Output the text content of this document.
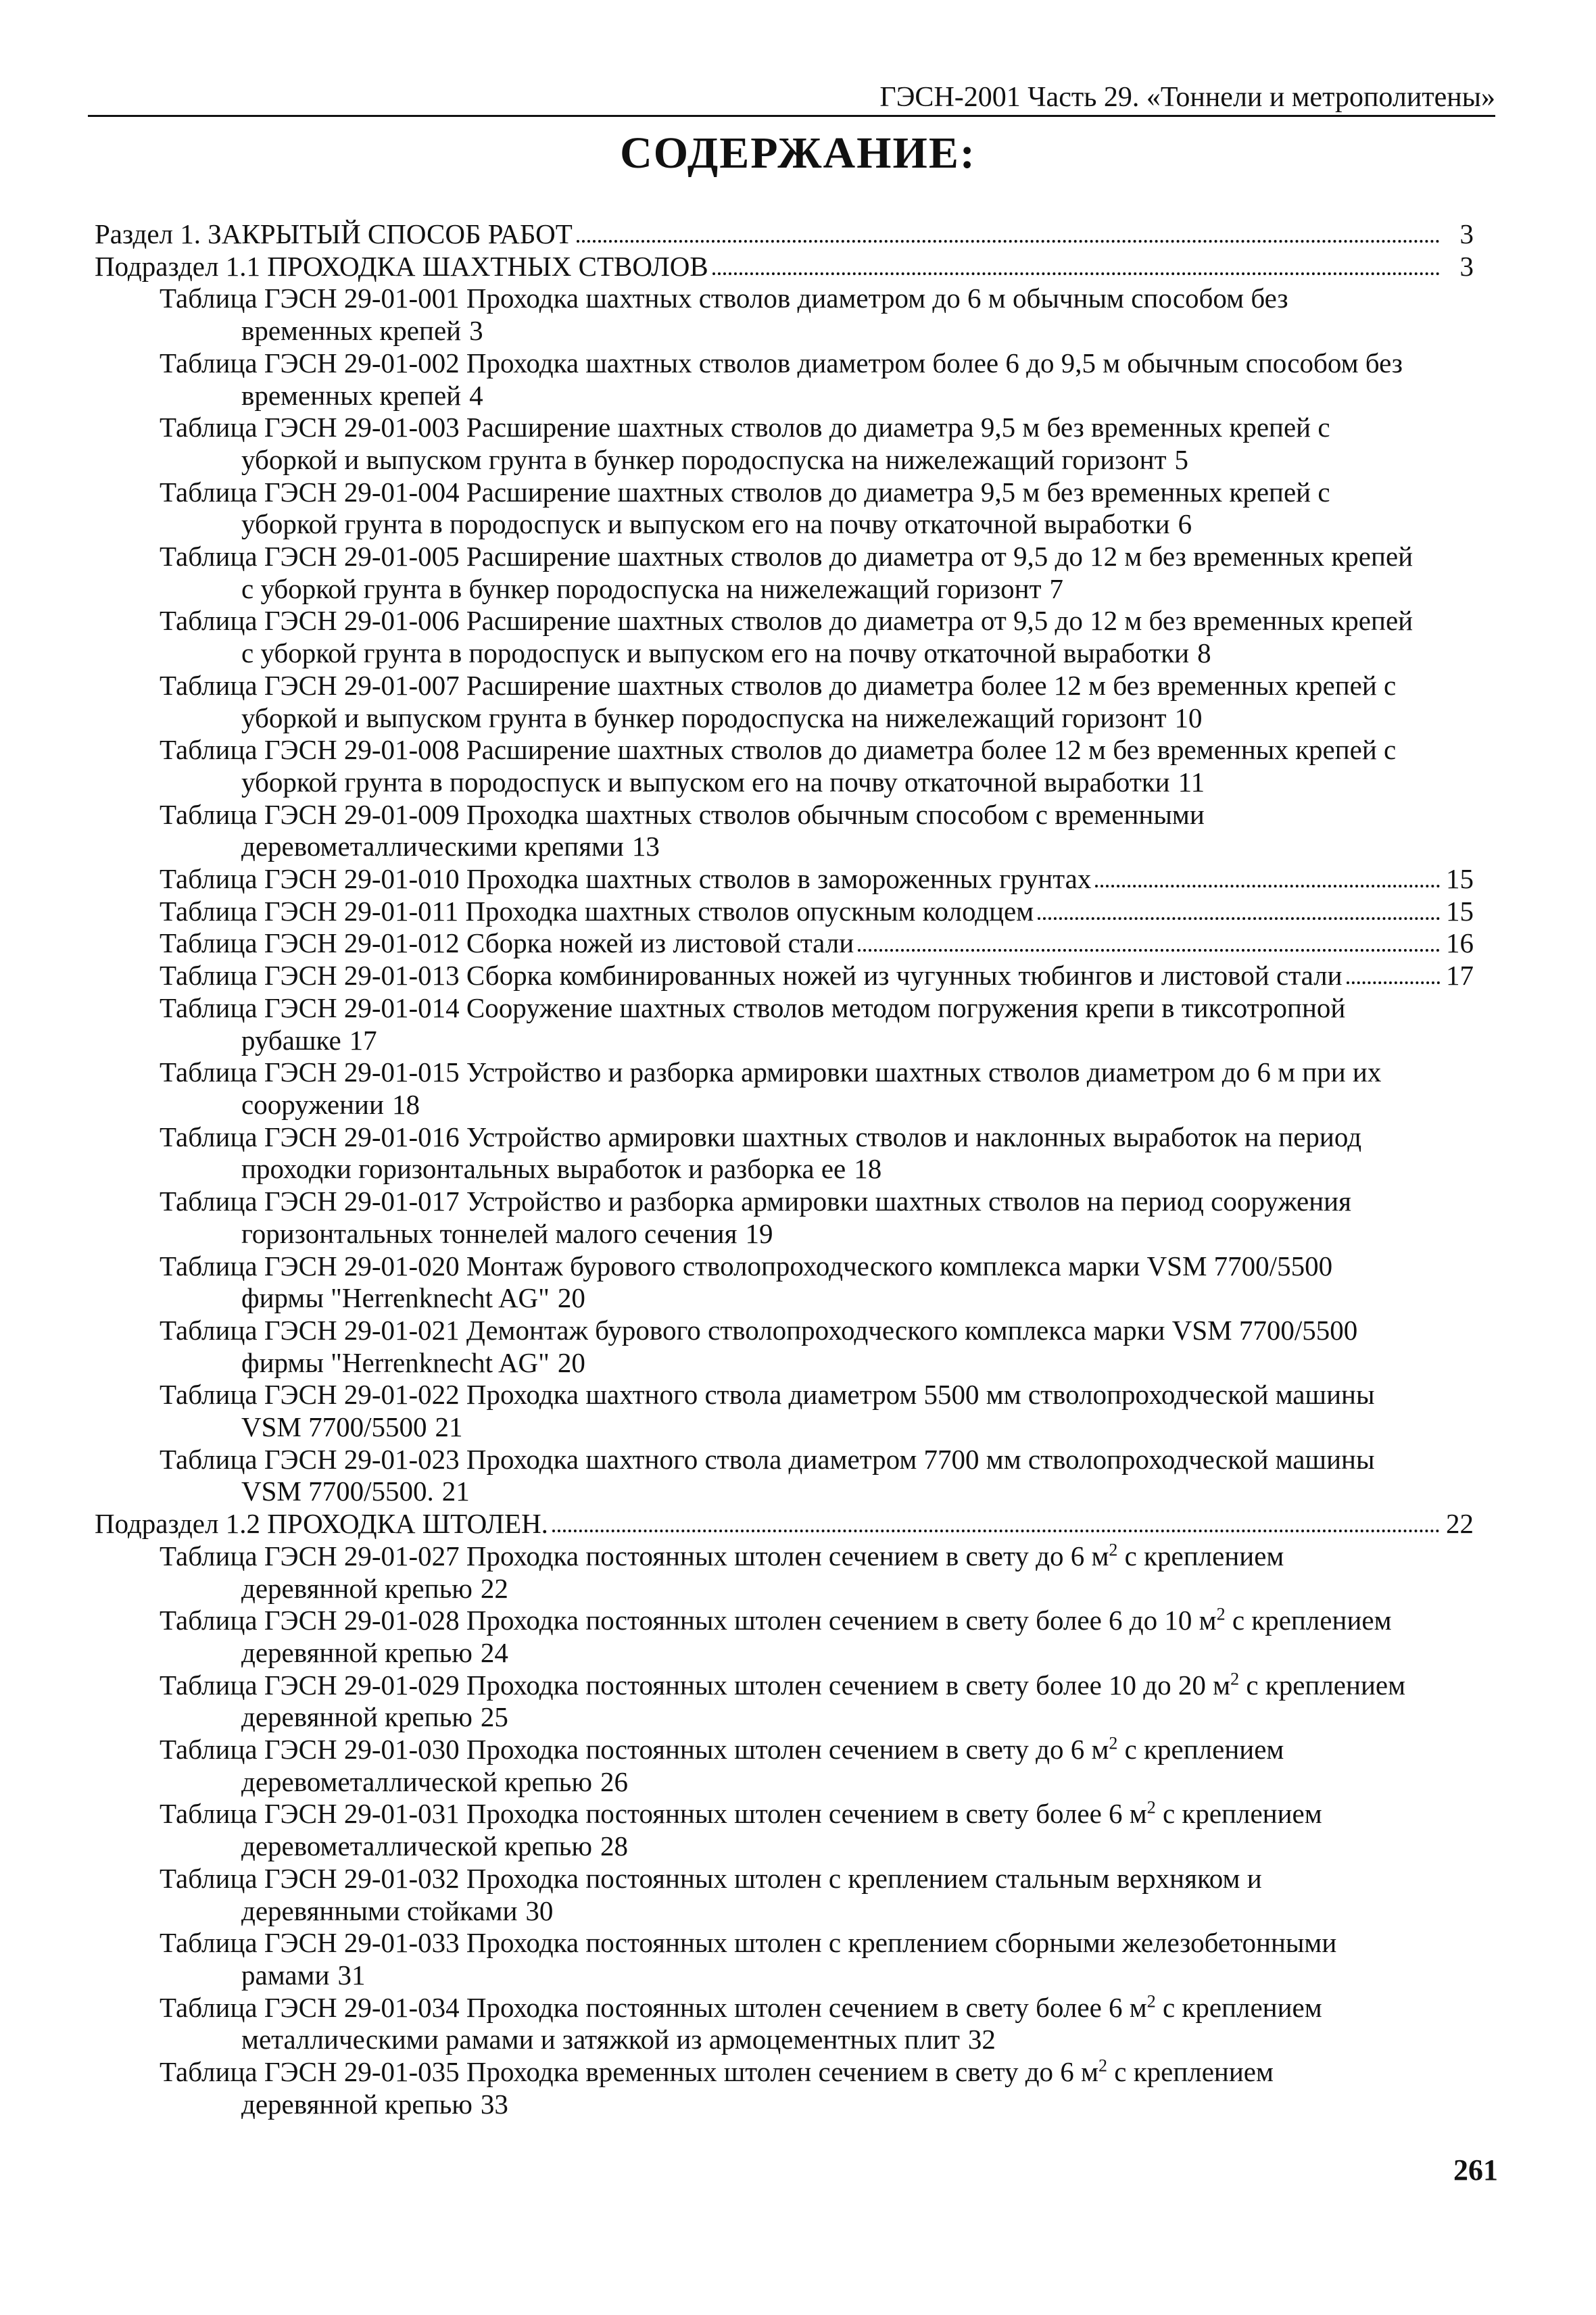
ГЭСН-2001 Часть 29. «Тоннели и метрополитены»
СОДЕРЖАНИЕ:
Раздел 1. ЗАКРЫТЫЙ СПОСОБ РАБОТ	3
Подраздел 1.1 ПРОХОДКА ШАХТНЫХ СТВОЛОВ	3
Таблица ГЭСН 29-01-001 Проходка шахтных стволов диаметром до 6 м обычным способом без
временных крепей 3
Таблица ГЭСН 29-01-002 Проходка шахтных стволов диаметром более 6 до 9,5 м обычным способом без
временных крепей 4
Таблица ГЭСН 29-01-003 Расширение шахтных стволов до диаметра 9,5 м без временных крепей с
уборкой и выпуском грунта в бункер породоспуска на нижележащий горизонт 5
Таблица ГЭСН 29-01-004 Расширение шахтных стволов до диаметра 9,5 м без временных крепей с
уборкой грунта в породоспуск и выпуском его на почву откаточной выработки 6
Таблица ГЭСН 29-01-005 Расширение шахтных стволов до диаметра от 9,5 до 12 м без временных крепей
с уборкой грунта в бункер породоспуска на нижележащий горизонт 7
Таблица ГЭСН 29-01-006 Расширение шахтных стволов до диаметра от 9,5 до 12 м без временных крепей
с уборкой грунта в породоспуск и выпуском его на почву откаточной выработки 8
Таблица ГЭСН 29-01-007 Расширение шахтных стволов до диаметра более 12 м без временных крепей с
уборкой и выпуском грунта в бункер породоспуска на нижележащий горизонт 10
Таблица ГЭСН 29-01-008 Расширение шахтных стволов до диаметра более 12 м без временных крепей с
уборкой грунта в породоспуск и выпуском его на почву откаточной выработки 11
Таблица ГЭСН 29-01-009 Проходка шахтных стволов обычным способом с временными
деревометаллическими крепями 13
Таблица ГЭСН 29-01-010 Проходка шахтных стволов в замороженных грунтах	15
Таблица ГЭСН 29-01-011 Проходка шахтных стволов опускным колодцем	15
Таблица ГЭСН 29-01-012 Сборка ножей из листовой стали	16
Таблица ГЭСН 29-01-013 Сборка комбинированных ножей из чугунных тюбингов и листовой стали	17
Таблица ГЭСН 29-01-014 Сооружение шахтных стволов методом погружения крепи в тиксотропной
рубашке 17
Таблица ГЭСН 29-01-015 Устройство и разборка армировки шахтных стволов диаметром до 6 м при их
сооружении 18
Таблица ГЭСН 29-01-016 Устройство армировки шахтных стволов и наклонных выработок на период
проходки горизонтальных выработок и разборка ее 18
Таблица ГЭСН 29-01-017 Устройство и разборка армировки шахтных стволов на период сооружения
горизонтальных тоннелей малого сечения 19
Таблица ГЭСН 29-01-020 Монтаж бурового стволопроходческого комплекса марки VSM 7700/5500
фирмы "Herrenknecht AG" 20
Таблица ГЭСН 29-01-021 Демонтаж бурового стволопроходческого комплекса марки VSM 7700/5500
фирмы "Herrenknecht AG" 20
Таблица ГЭСН 29-01-022 Проходка шахтного ствола диаметром 5500 мм стволопроходческой машины
VSM 7700/5500 21
Таблица ГЭСН 29-01-023 Проходка шахтного ствола диаметром 7700 мм стволопроходческой машины
VSM 7700/5500. 21
Подраздел 1.2 ПРОХОДКА ШТОЛЕН.	22
Таблица ГЭСН 29-01-027 Проходка постоянных штолен сечением в свету до 6 $м^2$ с креплением
деревянной крепью 22
Таблица ГЭСН 29-01-028 Проходка постоянных штолен сечением в свету более 6 до 10 $м^2$ с креплением
деревянной крепью 24
Таблица ГЭСН 29-01-029 Проходка постоянных штолен сечением в свету более 10 до 20 $м^2$ с креплением
деревянной крепью 25
Таблица ГЭСН 29-01-030 Проходка постоянных штолен сечением в свету до 6 $м^2$ с креплением
деревометаллической крепью 26
Таблица ГЭСН 29-01-031 Проходка постоянных штолен сечением в свету более 6 $м^2$ с креплением
деревометаллической крепью 28
Таблица ГЭСН 29-01-032 Проходка постоянных штолен с креплением стальным верхняком и
деревянными стойками 30
Таблица ГЭСН 29-01-033 Проходка постоянных штолен с креплением сборными железобетонными
рамами 31
Таблица ГЭСН 29-01-034 Проходка постоянных штолен сечением в свету более 6 $м^2$ с креплением
металлическими рамами и затяжкой из армоцементных плит 32
Таблица ГЭСН 29-01-035 Проходка временных штолен сечением в свету до 6 $м^2$ с креплением
деревянной крепью 33
261
